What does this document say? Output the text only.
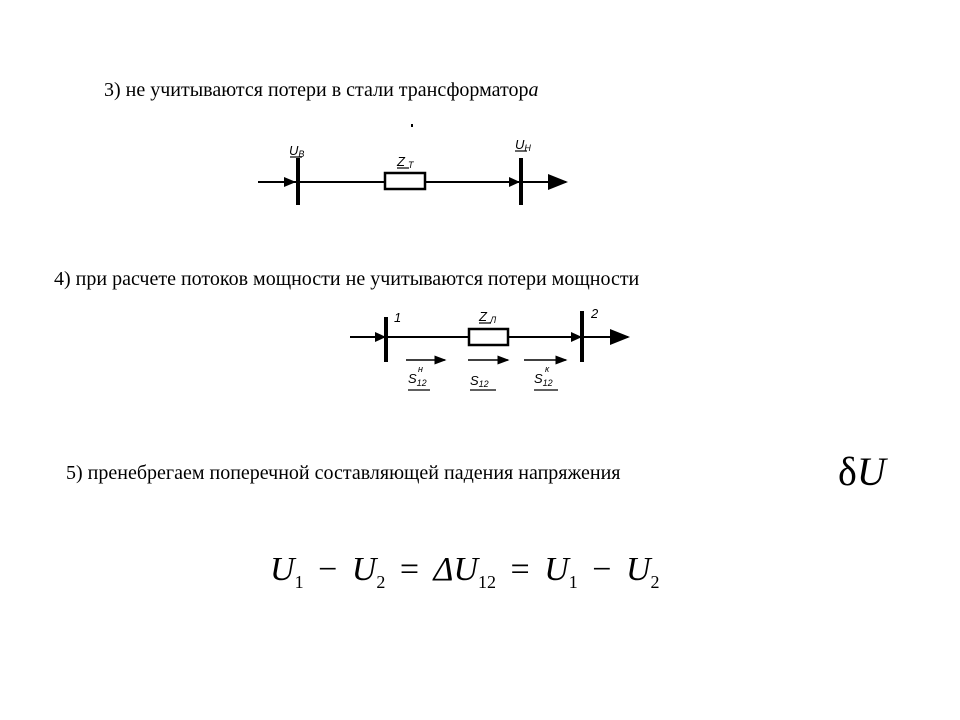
3) не учитываются потери в стали трансформатора
4) при расчете потоков мощности не учитываются потери мощности
5) пренебрегаем поперечной составляющей падения напряжения	δU
UВ	Z Т
UН
1	2
Z Л
$S_{12}$
н
S12	$S_{12}$
к
$U_1 - U_2 = \Delta U_{12} = U_1 - U_2$
